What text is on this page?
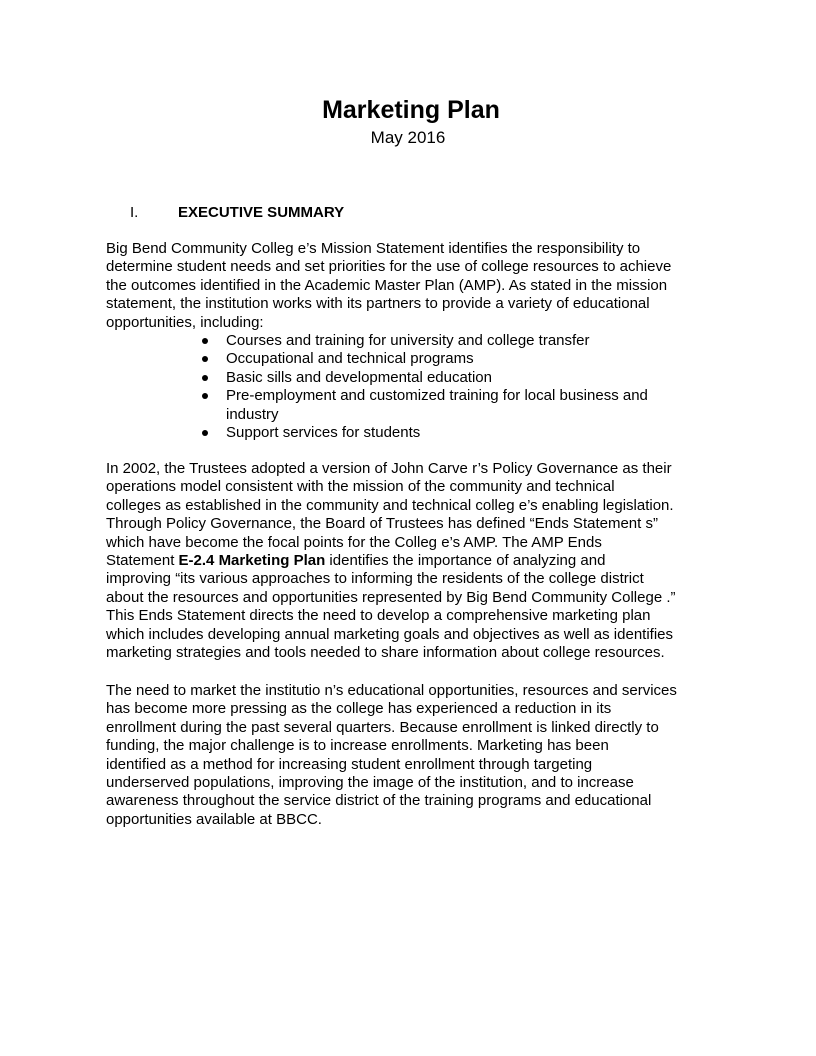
Marketing Plan
May 2016
I.	EXECUTIVE SUMMARY

Big Bend Community Colleg e’s Mission Statement identifies the responsibility to
determine student needs and set priorities for the use of college resources to achieve
the outcomes identified in the Academic Master Plan (AMP). As stated in the mission
statement, the institution works with its partners to provide a variety of educational
opportunities, including:

Courses and training for university and college transfer
Occupational and technical programs
Basic sills and developmental education
Pre-employment and customized training for local business and industry
Support services for students

In 2002, the Trustees adopted a version of John Carve r’s Policy Governance as their
operations model consistent with the mission of the community and technical
colleges as established in the community and technical colleg e’s enabling legislation.
Through Policy Governance, the Board of Trustees has defined “Ends Statement s”
which have become the focal points for the Colleg e’s AMP. The AMP Ends
Statement E-2.4 Marketing Plan identifies the importance of analyzing and
improving “its various approaches to informing the residents of the college district
about the resources and opportunities represented by Big Bend Community College .”
This Ends Statement directs the need to develop a comprehensive marketing plan
which includes developing annual marketing goals and objectives as well as identifies
marketing strategies and tools needed to share information about college resources.

The need to market the institutio n’s educational opportunities, resources and services
has become more pressing as the college has experienced a reduction in its
enrollment during the past several quarters. Because enrollment is linked directly to
funding, the major challenge is to increase enrollments. Marketing has been
identified as a method for increasing student enrollment through targeting
underserved populations, improving the image of the institution, and to increase
awareness throughout the service district of the training programs and educational
opportunities available at BBCC.
